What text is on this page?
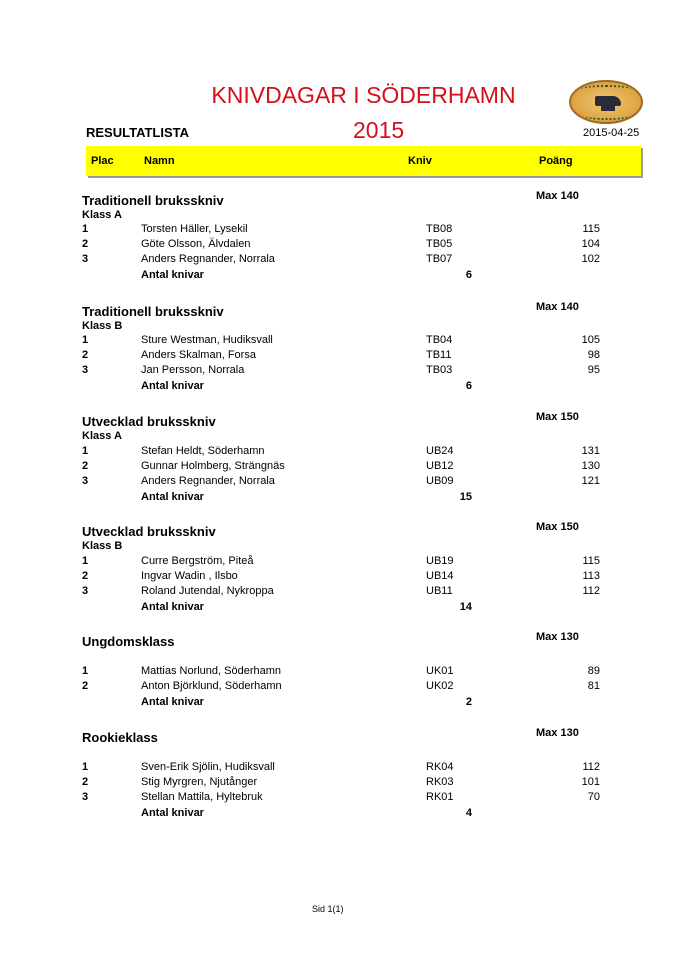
KNIVDAGAR I SÖDERHAMN
2015
RESULTATLISTA	2015-04-25
Plac	Namn	Kniv	Poäng
Traditionell bruksskniv	Max 140
Klass A
1	Torsten Häller, Lysekil	TB08	115
2	Göte Olsson, Älvdalen	TB05	104
3	Anders Regnander, Norrala	TB07	102
Antal knivar	6
Traditionell bruksskniv	Max 140
Klass B
1	Sture Westman, Hudiksvall	TB04	105
2	Anders Skalman, Forsa	TB11	98
3	Jan Persson, Norrala	TB03	95
Antal knivar	6
Utvecklad bruksskniv	Max 150
Klass A
1	Stefan Heldt, Söderhamn	UB24	131
2	Gunnar Holmberg, Strängnäs	UB12	130
3	Anders Regnander, Norrala	UB09	121
Antal knivar	15
Utvecklad bruksskniv	Max 150
Klass B
1	Curre Bergström, Piteå	UB19	115
2	Ingvar Wadin , Ilsbo	UB14	113
3	Roland Jutendal, Nykroppa	UB11	112
Antal knivar	14
Ungdomsklass	Max 130
1	Mattias Norlund, Söderhamn	UK01	89
2	Anton Björklund, Söderhamn	UK02	81
Antal knivar	2
Rookieklass	Max 130
1	Sven-Erik Sjölin, Hudiksvall	RK04	112
2	Stig Myrgren, Njutånger	RK03	101
3	Stellan Mattila, Hyltebruk	RK01	70
Antal knivar	4
Sid 1(1)
